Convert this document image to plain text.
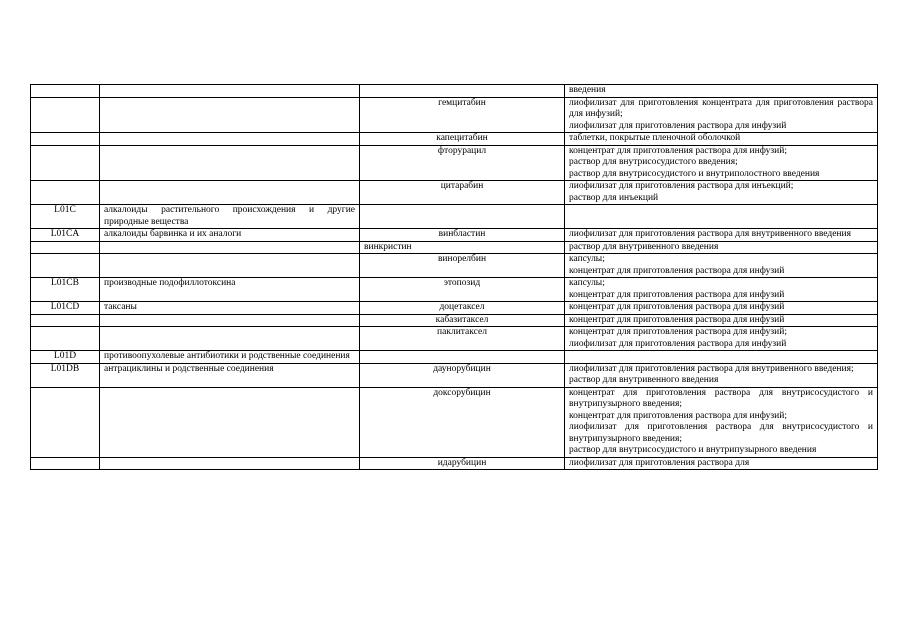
			введения

		гемцитабин	лиофилизат для приготовления концентрата для приготовления раствора для инфузий;
лиофилизат для приготовления раствора для инфузий

		капецитабин	таблетки, покрытые пленочной оболочкой

		фторурацил	концентрат для приготовления раствора для инфузий;
раствор для внутрисосудистого введения;
раствор для внутрисосудистого и внутриполостного введения

		цитарабин	лиофилизат для приготовления раствора для инъекций;
раствор для инъекций

L01C	алкалоиды растительного происхождения и другие природные вещества		
L01CA	алкалоиды барвинка и их аналоги	винбластин	лиофилизат для приготовления раствора для внутривенного введения

		винкристин	раствор для внутривенного введения

		винорелбин	капсулы;
концентрат для приготовления раствора для инфузий

L01CB	производные подофиллотоксина	этопозид	капсулы;
концентрат для приготовления раствора для инфузий

L01CD	таксаны	доцетаксел	концентрат для приготовления раствора для инфузий

		кабазитаксел	концентрат для приготовления раствора для инфузий

		паклитаксел	концентрат для приготовления раствора для инфузий;
лиофилизат для приготовления раствора для инфузий

L01D	противоопухолевые антибиотики и родственные соединения		
L01DB	антрациклины и родственные соединения	даунорубицин	лиофилизат для приготовления раствора для внутривенного введения;
раствор для внутривенного введения

		доксорубицин	концентрат для приготовления раствора для внутрисосудистого и внутрипузырного введения;
концентрат для приготовления раствора для инфузий;
лиофилизат для приготовления раствора для внутрисосудистого и внутрипузырного введения;
раствор для внутрисосудистого и внутрипузырного введения

		идарубицин	лиофилизат для приготовления раствора для
